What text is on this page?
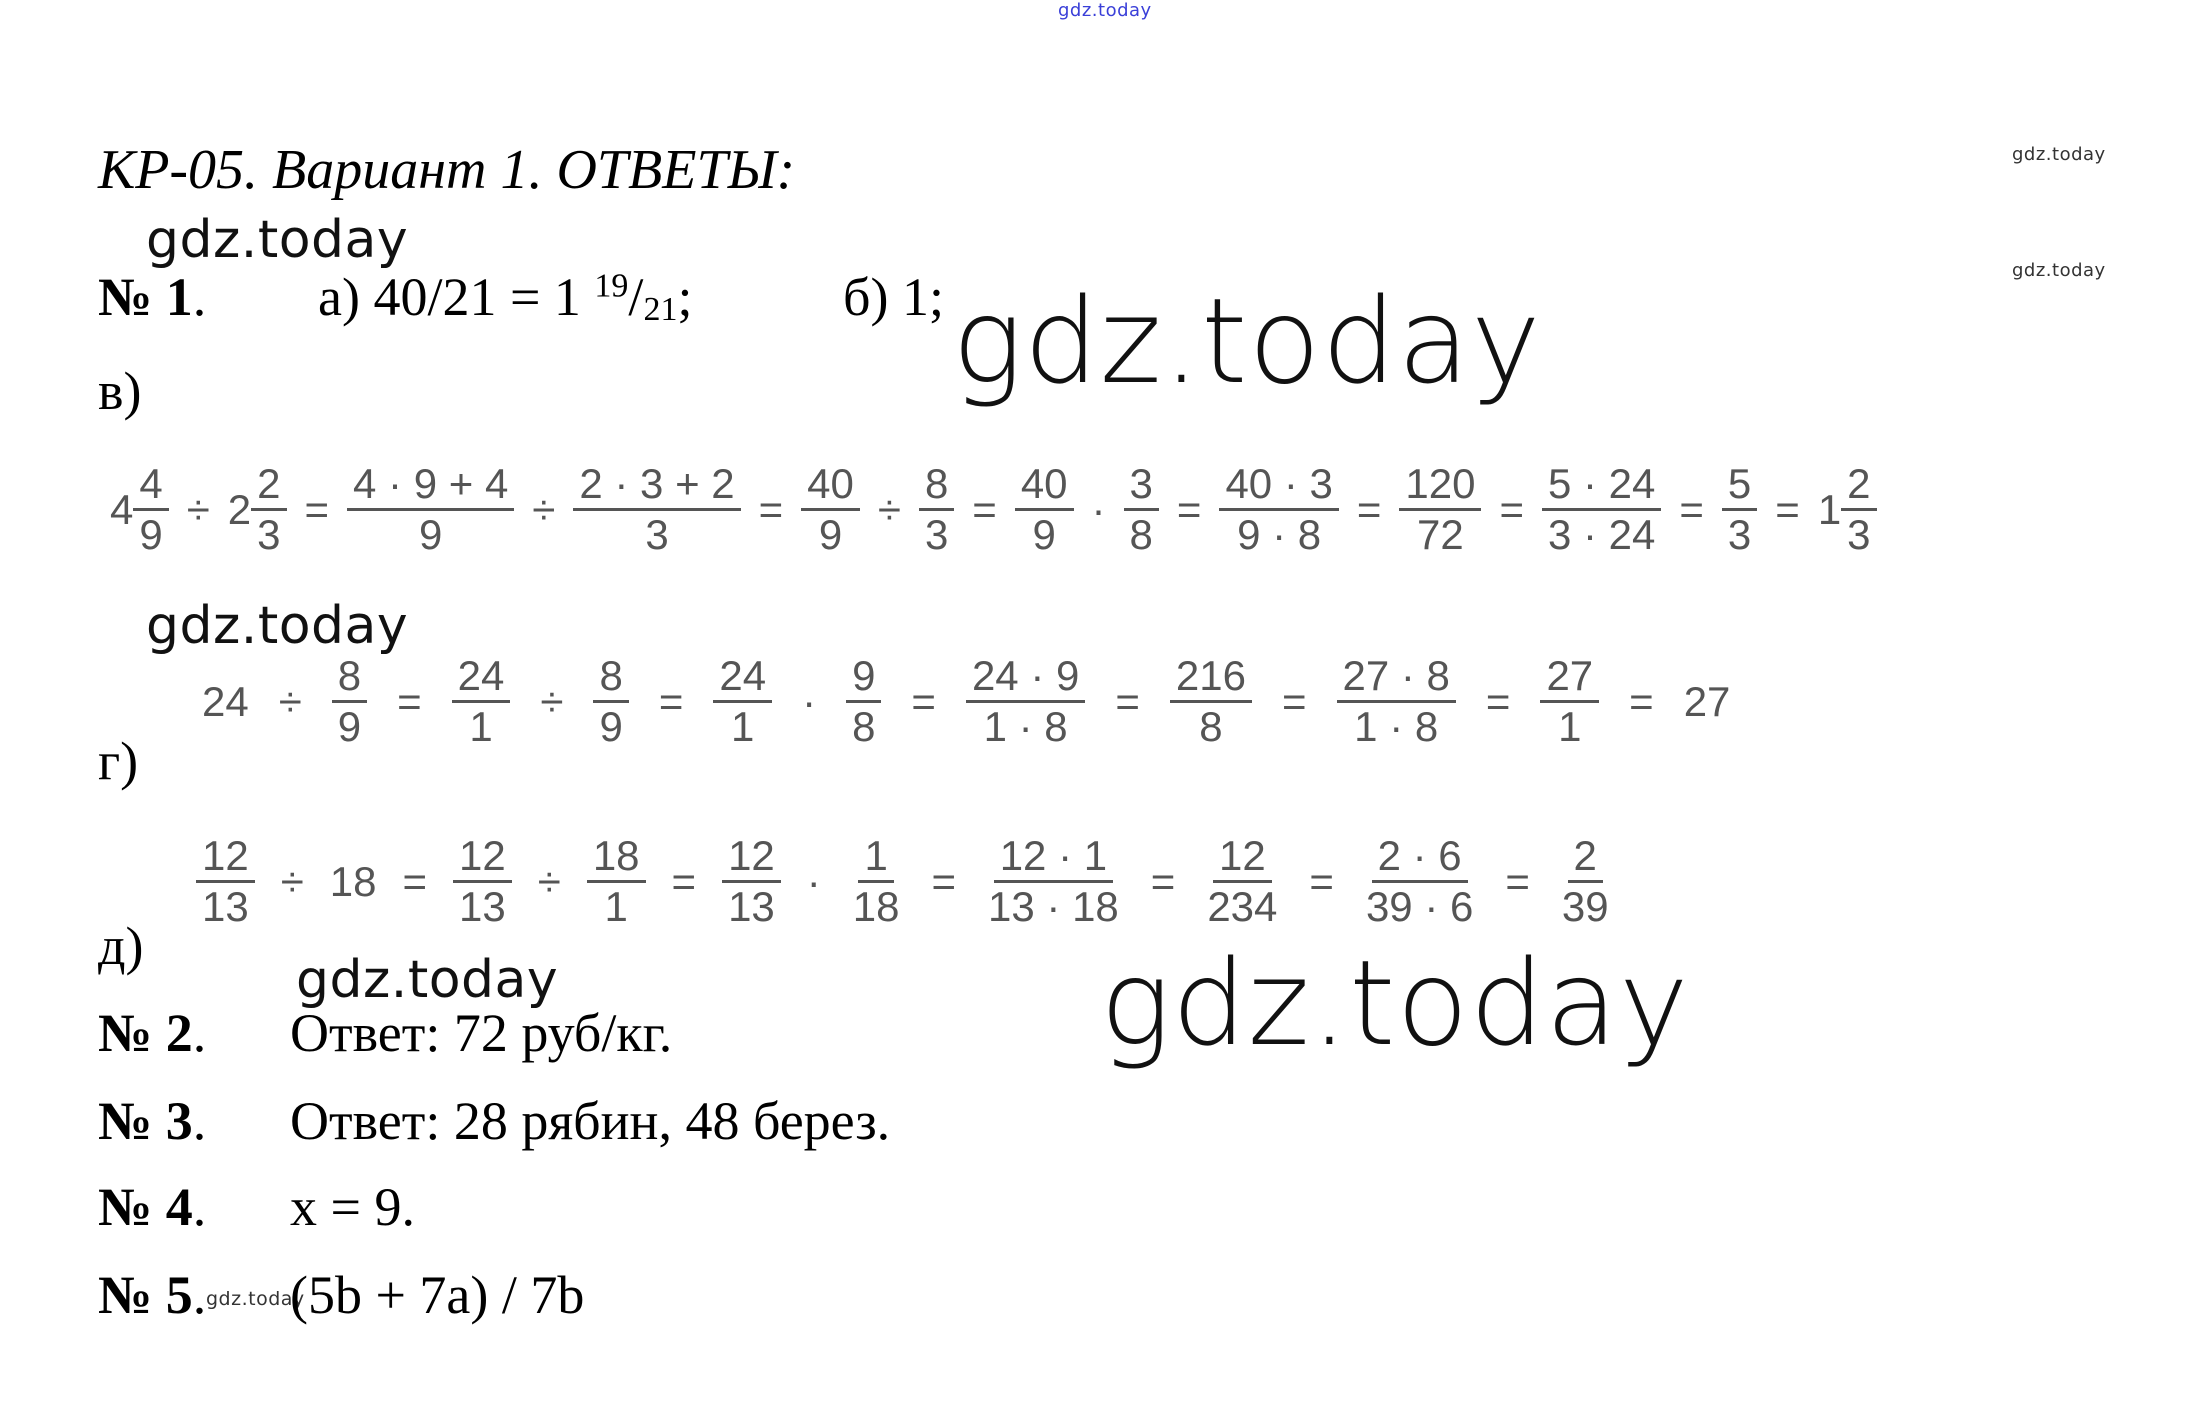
gdz.today
gdz.today
gdz.today
gdz.today
gdz.today
gdz.today
gdz.today	gdz.today
КР-05. Вариант 1. ОТВЕТЫ:
№ 1. а) 40/21 = 1 $^{19}/_{21}$;	б) 1;
в)
$4 \frac{4}{9} \div 2 \frac{2}{3} = \frac{4 \cdot 9 + 4}{9} \div \frac{2 \cdot 3 + 2}{3} = \frac{40}{9} \div \frac{8}{3} = \frac{40}{9} \cdot \frac{3}{8} = \frac{40 \cdot 3}{9 \cdot 8} = \frac{120}{72} = \frac{5 \cdot 24}{3 \cdot 24} = \frac{5}{3} = 1 \frac{2}{3}$
$24 \div \frac{8}{9} = \frac{24}{1} \div \frac{8}{9} = \frac{24}{1} \cdot \frac{9}{8} = \frac{24 \cdot 9}{1 \cdot 8} = \frac{216}{8} = \frac{27 \cdot 8}{1 \cdot 8} = \frac{27}{1} = 27$
г)
$\frac{12}{13} \div 18 = \frac{12}{13} \div \frac{18}{1} = \frac{12}{13} \cdot \frac{1}{18} = \frac{12 \cdot 1}{13 \cdot 18} = \frac{12}{234} = \frac{2 \cdot 6}{39 \cdot 6} = \frac{2}{39}$
д)
№ 2. Ответ: 72 руб/кг.
№ 3. Ответ: 28 рябин, 48 берез.
№ 4. x = 9.
№ 5. gdz.today
(5b + 7a) / 7b
